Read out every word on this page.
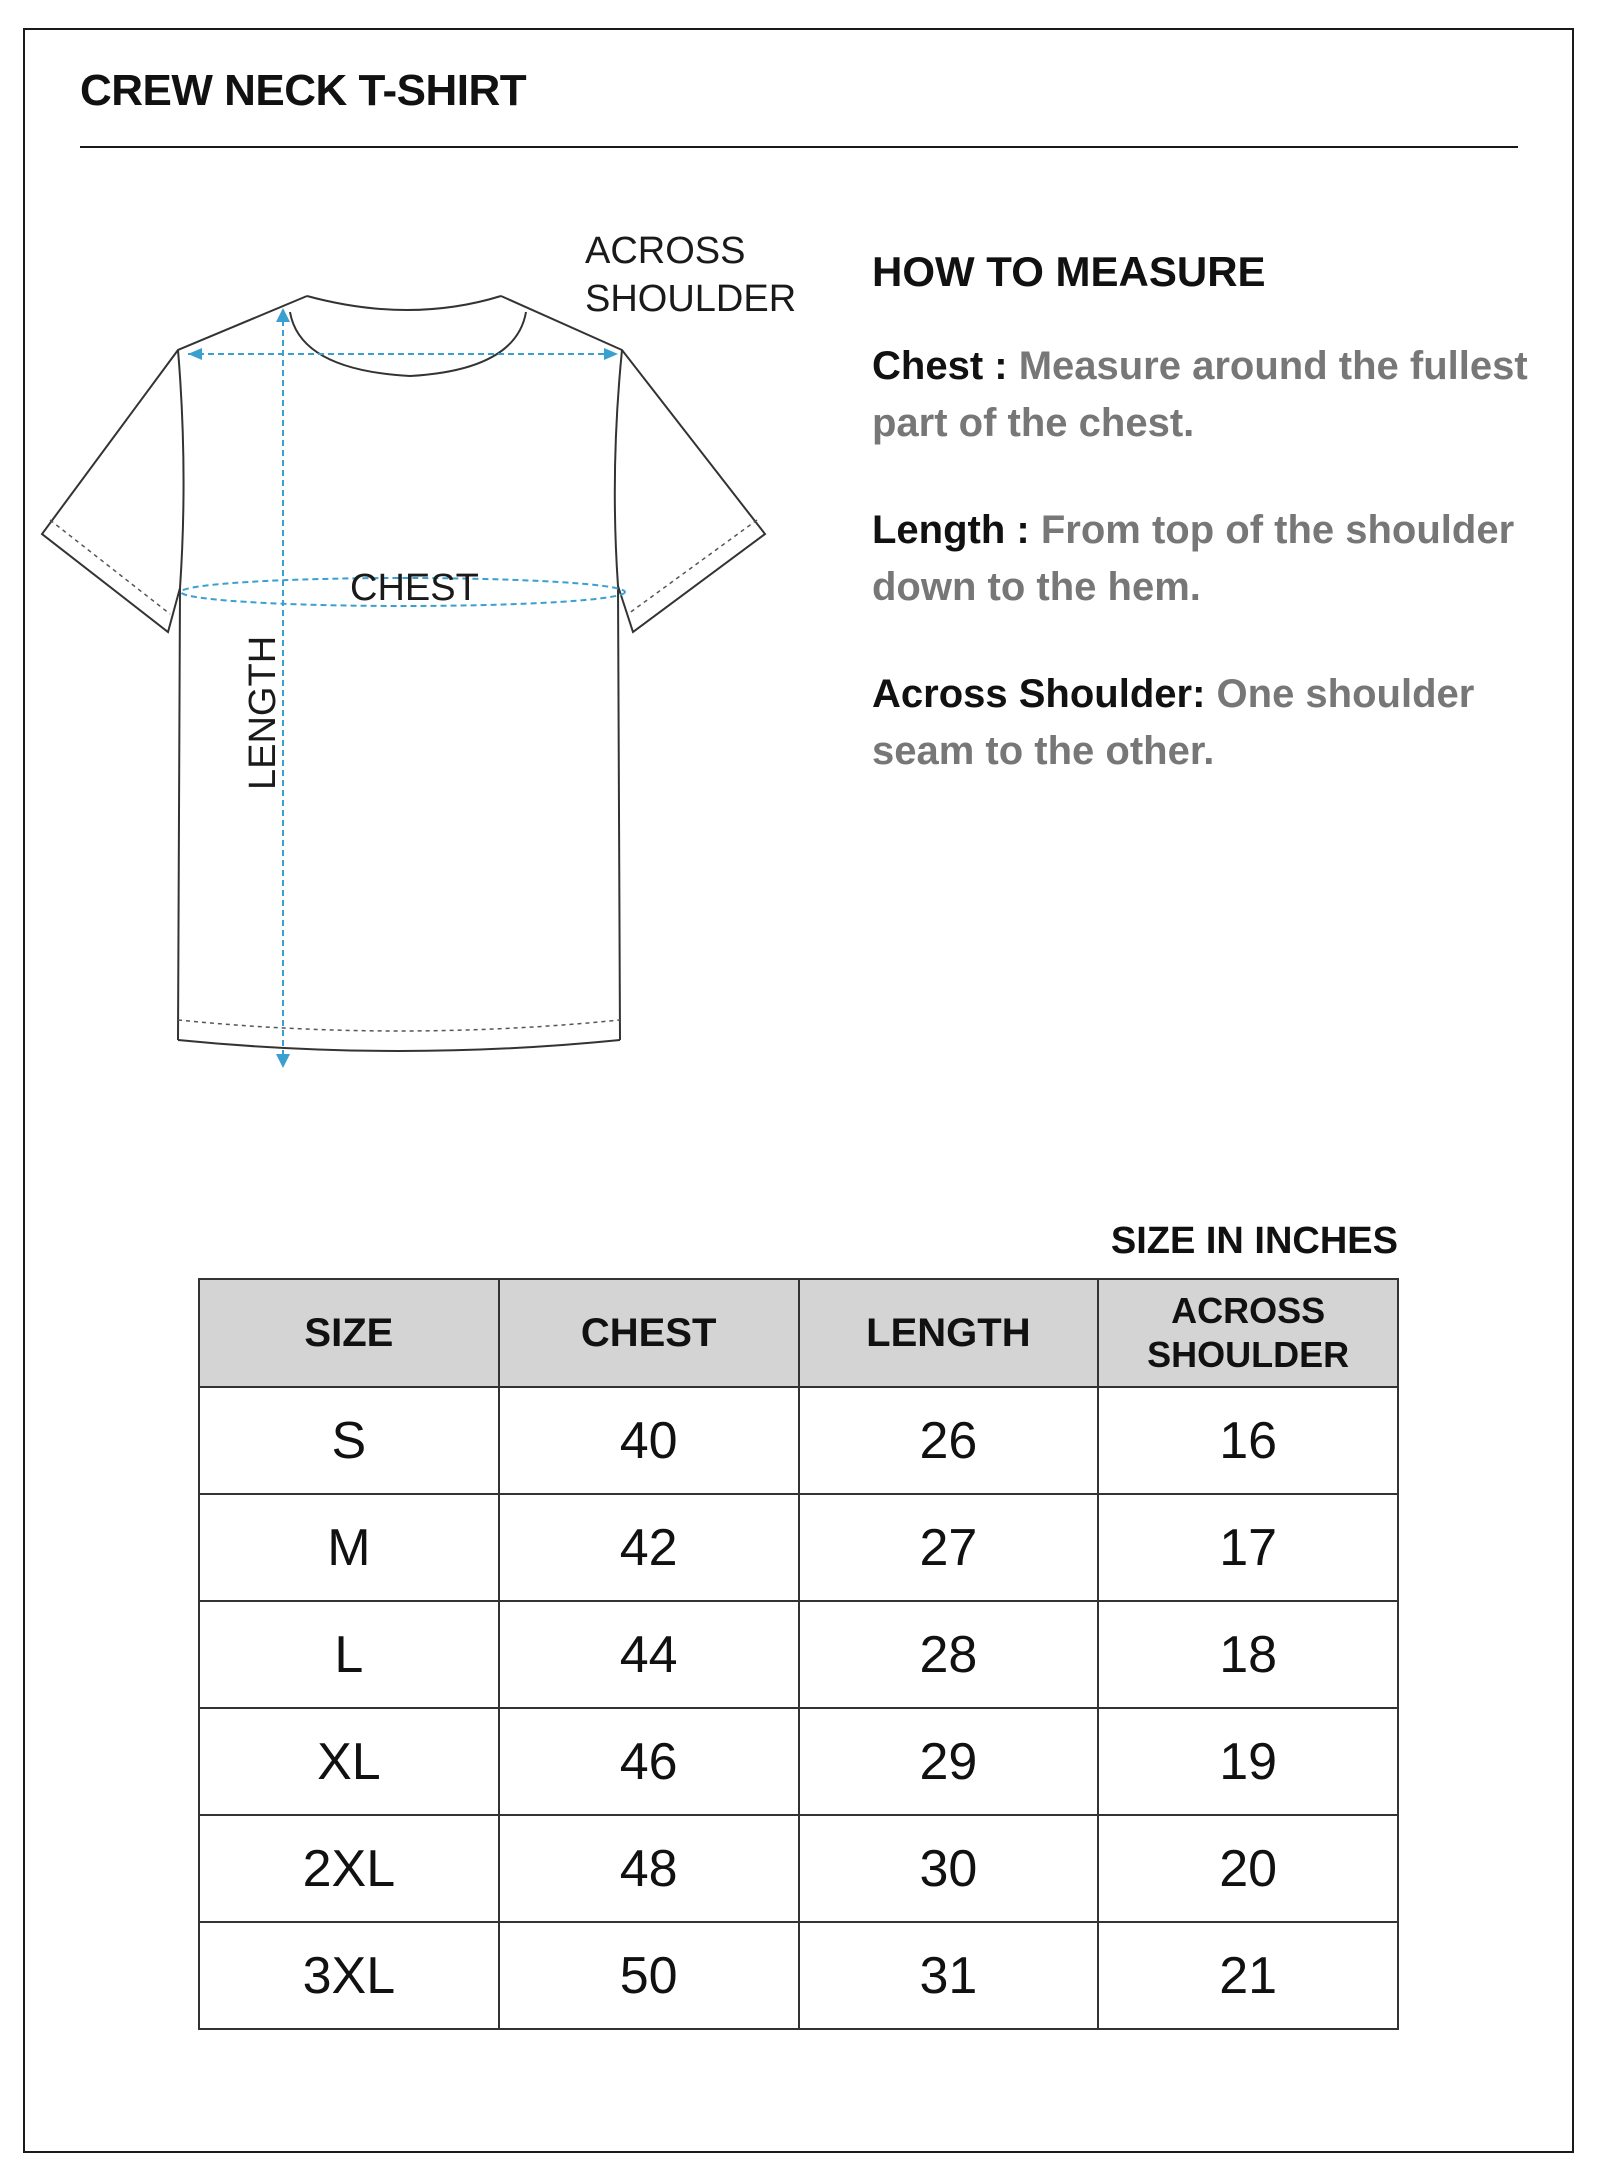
CREW NECK T-SHIRT
ACROSS
SHOULDER
CHEST
LENGTH
HOW TO MEASURE
Chest : Measure around the fullest part of the chest.
Length : From top of the shoulder down to the hem.
Across Shoulder: One shoulder seam to the other.
SIZE IN INCHES
SIZE	CHEST	LENGTH	ACROSS
SHOULDER
S	40	26	16
M	42	27	17
L	44	28	18
XL	46	29	19
2XL	48	30	20
3XL	50	31	21
